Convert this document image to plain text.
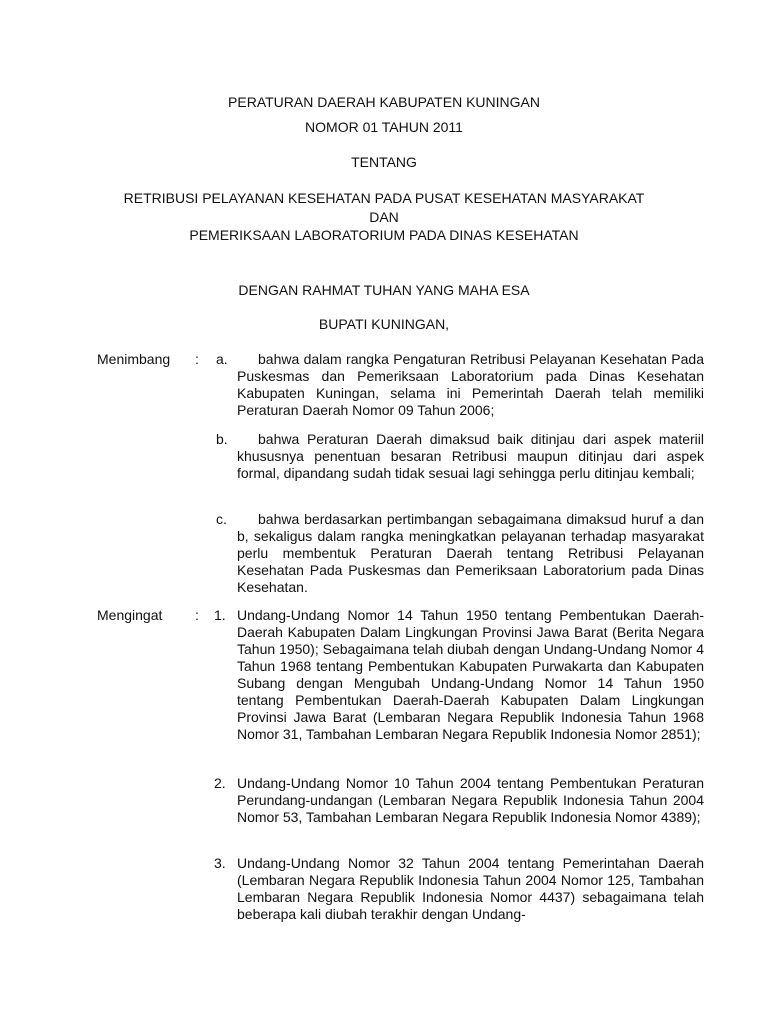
PERATURAN DAERAH KABUPATEN KUNINGAN
NOMOR 01 TAHUN 2011
TENTANG
RETRIBUSI PELAYANAN KESEHATAN PADA PUSAT KESEHATAN MASYARAKAT
DAN
PEMERIKSAAN LABORATORIUM PADA DINAS KESEHATAN
DENGAN RAHMAT TUHAN YANG MAHA ESA
BUPATI KUNINGAN,
Menimbang : a.	bahwa dalam rangka Pengaturan Retribusi Pelayanan Kesehatan Pada Puskesmas dan Pemeriksaan Laboratorium pada Dinas Kesehatan Kabupaten Kuningan, selama ini Pemerintah Daerah telah memiliki Peraturan Daerah Nomor 09 Tahun 2006;
b.	bahwa Peraturan Daerah dimaksud baik ditinjau dari aspek materiil khususnya penentuan besaran Retribusi maupun ditinjau dari aspek formal, dipandang sudah tidak sesuai lagi sehingga perlu ditinjau kembali;
c.	bahwa berdasarkan pertimbangan sebagaimana dimaksud huruf a dan b, sekaligus dalam rangka meningkatkan pelayanan terhadap masyarakat perlu membentuk Peraturan Daerah tentang Retribusi Pelayanan Kesehatan Pada Puskesmas dan Pemeriksaan Laboratorium pada Dinas Kesehatan.
Mengingat : 1. Undang-Undang Nomor 14 Tahun 1950 tentang Pembentukan Daerah-Daerah Kabupaten Dalam Lingkungan Provinsi Jawa Barat (Berita Negara Tahun 1950); Sebagaimana telah diubah dengan Undang-Undang Nomor 4 Tahun 1968 tentang Pembentukan Kabupaten Purwakarta dan Kabupaten Subang dengan Mengubah Undang-Undang Nomor 14 Tahun 1950 tentang Pembentukan Daerah-Daerah Kabupaten Dalam Lingkungan Provinsi Jawa Barat (Lembaran Negara Republik Indonesia Tahun 1968 Nomor 31, Tambahan Lembaran Negara Republik Indonesia Nomor 2851);
2. Undang-Undang Nomor 10 Tahun 2004 tentang Pembentukan Peraturan Perundang-undangan (Lembaran Negara Republik Indonesia Tahun 2004 Nomor 53, Tambahan Lembaran Negara Republik Indonesia Nomor 4389);
3. Undang-Undang Nomor 32 Tahun 2004 tentang Pemerintahan Daerah (Lembaran Negara Republik Indonesia Tahun 2004 Nomor 125, Tambahan Lembaran Negara Republik Indonesia Nomor 4437) sebagaimana telah beberapa kali diubah terakhir dengan Undang-
